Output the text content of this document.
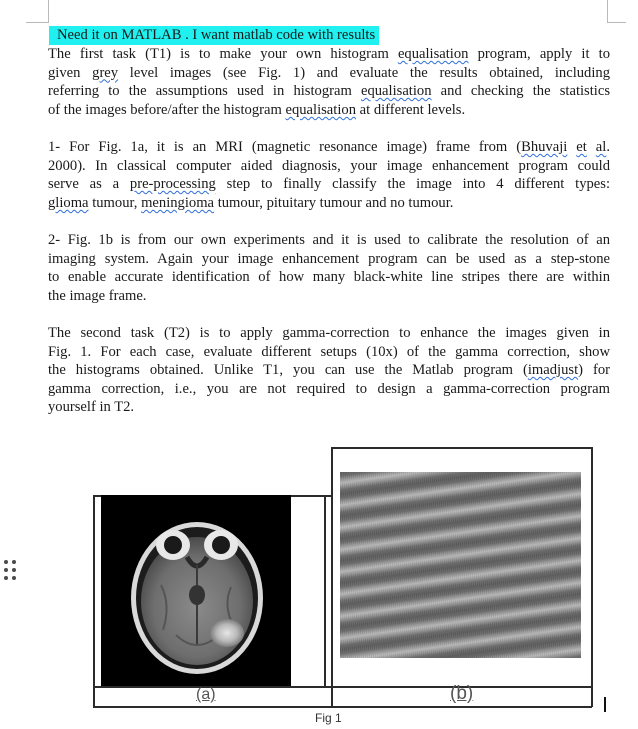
Need it on MATLAB . I want matlab code with results
The first task (T1) is to make your own histogram equalisation program, apply it to
given grey level images (see Fig. 1) and evaluate the results obtained, including
referring to the assumptions used in histogram equalisation and checking the statistics
of the images before/after the histogram equalisation at different levels.
1- For Fig. 1a, it is an MRI (magnetic resonance image) frame from (Bhuvaji et al.
2000). In classical computer aided diagnosis, your image enhancement program could
serve as a pre-processing step to finally classify the image into 4 different types:
glioma tumour, meningioma tumour, pituitary tumour and no tumour.
2- Fig. 1b is from our own experiments and it is used to calibrate the resolution of an
imaging system. Again your image enhancement program can be used as a step-stone
to enable accurate identification of how many black-white line stripes there are within
the image frame.
The second task (T2) is to apply gamma-correction to enhance the images given in
Fig. 1. For each case, evaluate different setups (10x) of the gamma correction, show
the histograms obtained. Unlike T1, you can use the Matlab program (imadjust) for
gamma correction, i.e., you are not required to design a gamma-correction program
yourself in T2.
(a)	(b)
Fig 1
